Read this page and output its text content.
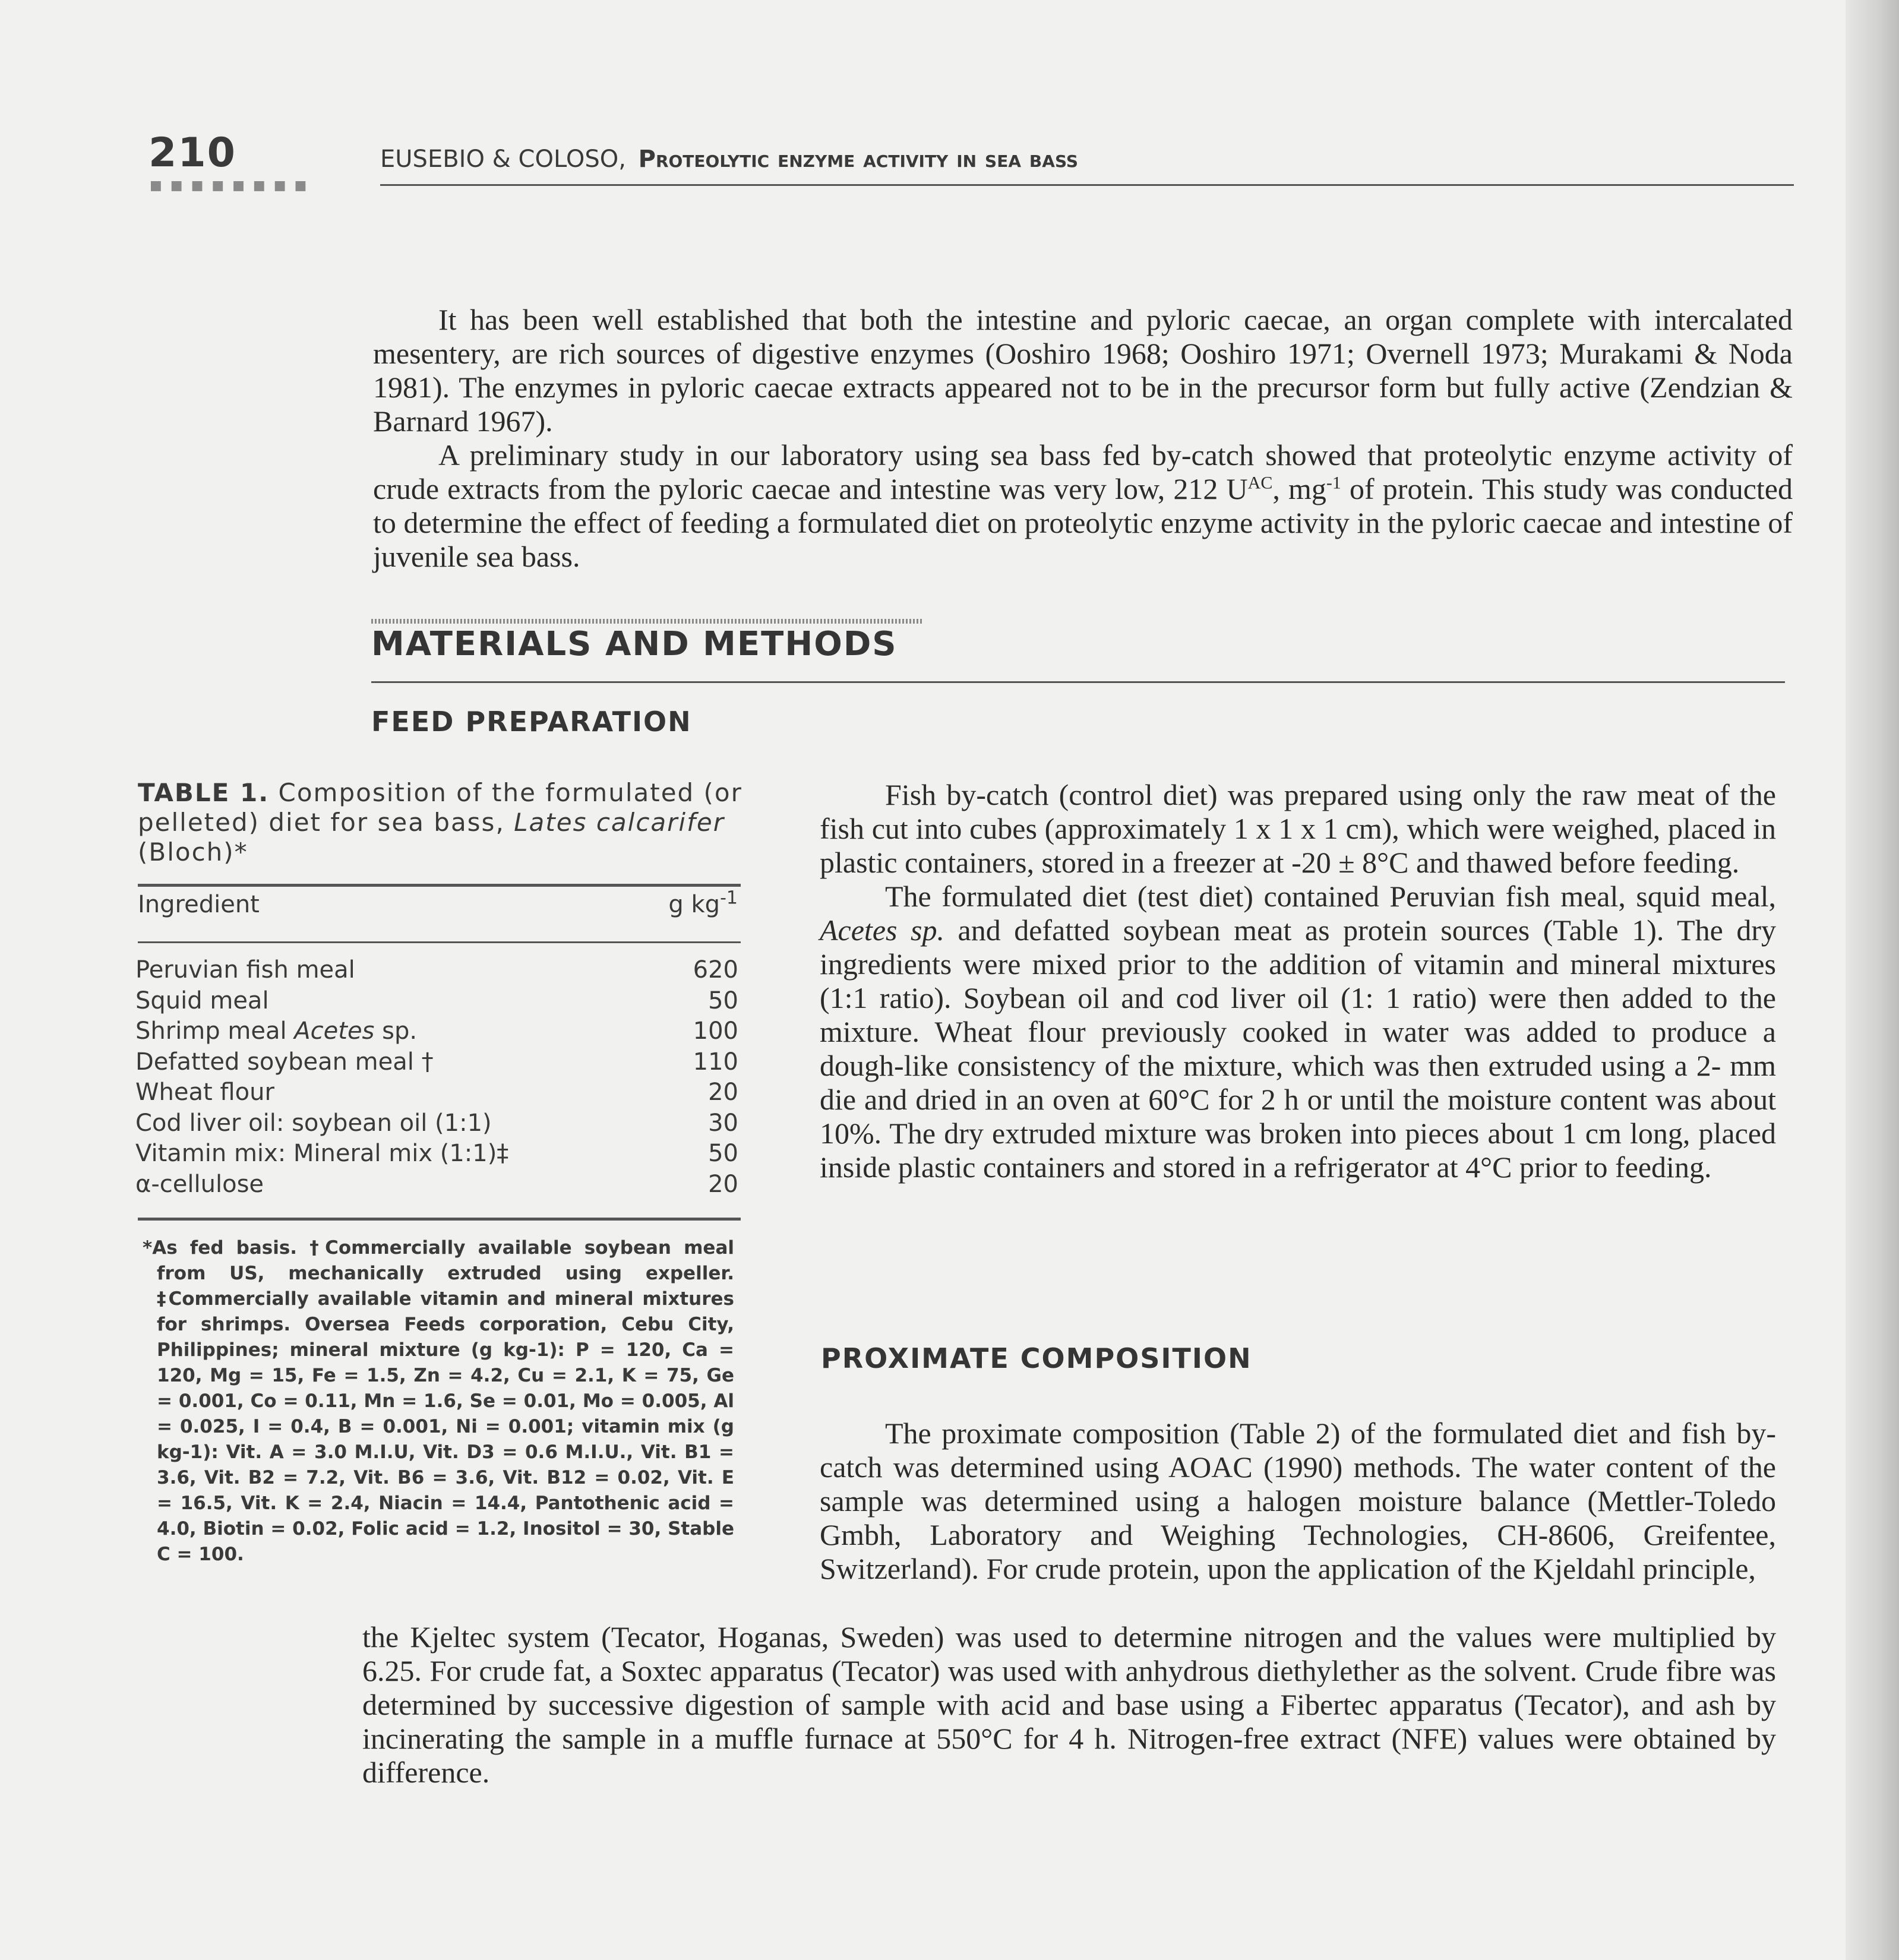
210
■■■■■■■■
EUSEBIO & COLOSO, Proteolytic enzyme activity in sea bass

It has been well established that both the intestine and pyloric caecae, an organ complete with intercalated mesentery, are rich sources of digestive enzymes (Ooshiro 1968; Ooshiro 1971; Overnell 1973; Murakami & Noda 1981). The enzymes in pyloric caecae extracts appeared not to be in the precursor form but fully active (Zendzian & Barnard 1967).

A preliminary study in our laboratory using sea bass fed by-catch showed that proteolytic enzyme activity of crude extracts from the pyloric caecae and intestine was very low, 212 $U^{AC}$, $mg^{-1}$ of protein. This study was conducted to determine the effect of feeding a formulated diet on proteolytic enzyme activity in the pyloric caecae and intestine of juvenile sea bass.

MATERIALS AND METHODS
FEED PREPARATION
TABLE 1. Composition of the formulated (or pelleted) diet for sea bass, Lates calcarifer (Bloch)*
Ingredient	g $kg^{-1}$
Peruvian fish meal	620
Squid meal	50
Shrimp meal Acetes sp.	100
Defatted soybean meal †	110
Wheat flour	20
Cod liver oil: soybean oil (1:1)	30
Vitamin mix: Mineral mix (1:1)‡	50
α-cellulose	20
*As fed basis. †Commercially available soybean meal from US, mechanically extruded using expeller. ‡Commercially available vitamin and mineral mixtures for shrimps. Oversea Feeds corporation, Cebu City, Philippines; mineral mixture (g kg-1): P = 120, Ca = 120, Mg = 15, Fe = 1.5, Zn = 4.2, Cu = 2.1, K = 75, Ge = 0.001, Co = 0.11, Mn = 1.6, Se = 0.01, Mo = 0.005, Al = 0.025, I = 0.4, B = 0.001, Ni = 0.001; vitamin mix (g kg-1): Vit. A = 3.0 M.I.U, Vit. D3 = 0.6 M.I.U., Vit. B1 = 3.6, Vit. B2 = 7.2, Vit. B6 = 3.6, Vit. B12 = 0.02, Vit. E = 16.5, Vit. K = 2.4, Niacin = 14.4, Pantothenic acid = 4.0, Biotin = 0.02, Folic acid = 1.2, Inositol = 30, Stable C = 100.

Fish by-catch (control diet) was prepared using only the raw meat of the fish cut into cubes (approximately 1 x 1 x 1 cm), which were weighed, placed in plastic containers, stored in a freezer at -20 ± 8°C and thawed before feeding.

The formulated diet (test diet) contained Peruvian fish meal, squid meal, Acetes sp. and defatted soybean meat as protein sources (Table 1). The dry ingredients were mixed prior to the addition of vitamin and mineral mixtures (1:1 ratio). Soybean oil and cod liver oil (1: 1 ratio) were then added to the mixture. Wheat flour previously cooked in water was added to produce a dough-like consistency of the mixture, which was then extruded using a 2- mm die and dried in an oven at 60°C for 2 h or until the moisture content was about 10%. The dry extruded mixture was broken into pieces about 1 cm long, placed inside plastic containers and stored in a refrigerator at 4°C prior to feeding.

PROXIMATE COMPOSITION

The proximate composition (Table 2) of the formulated diet and fish by-catch was determined using AOAC (1990) methods. The water content of the sample was determined using a halogen moisture balance (Mettler-Toledo Gmbh, Laboratory and Weighing Technologies, CH-8606, Greifentee, Switzerland). For crude protein, upon the application of the Kjeldahl principle,

the Kjeltec system (Tecator, Hoganas, Sweden) was used to determine nitrogen and the values were multiplied by 6.25. For crude fat, a Soxtec apparatus (Tecator) was used with anhydrous diethylether as the solvent. Crude fibre was determined by successive digestion of sample with acid and base using a Fibertec apparatus (Tecator), and ash by incinerating the sample in a muffle furnace at 550°C for 4 h. Nitrogen-free extract (NFE) values were obtained by difference.
